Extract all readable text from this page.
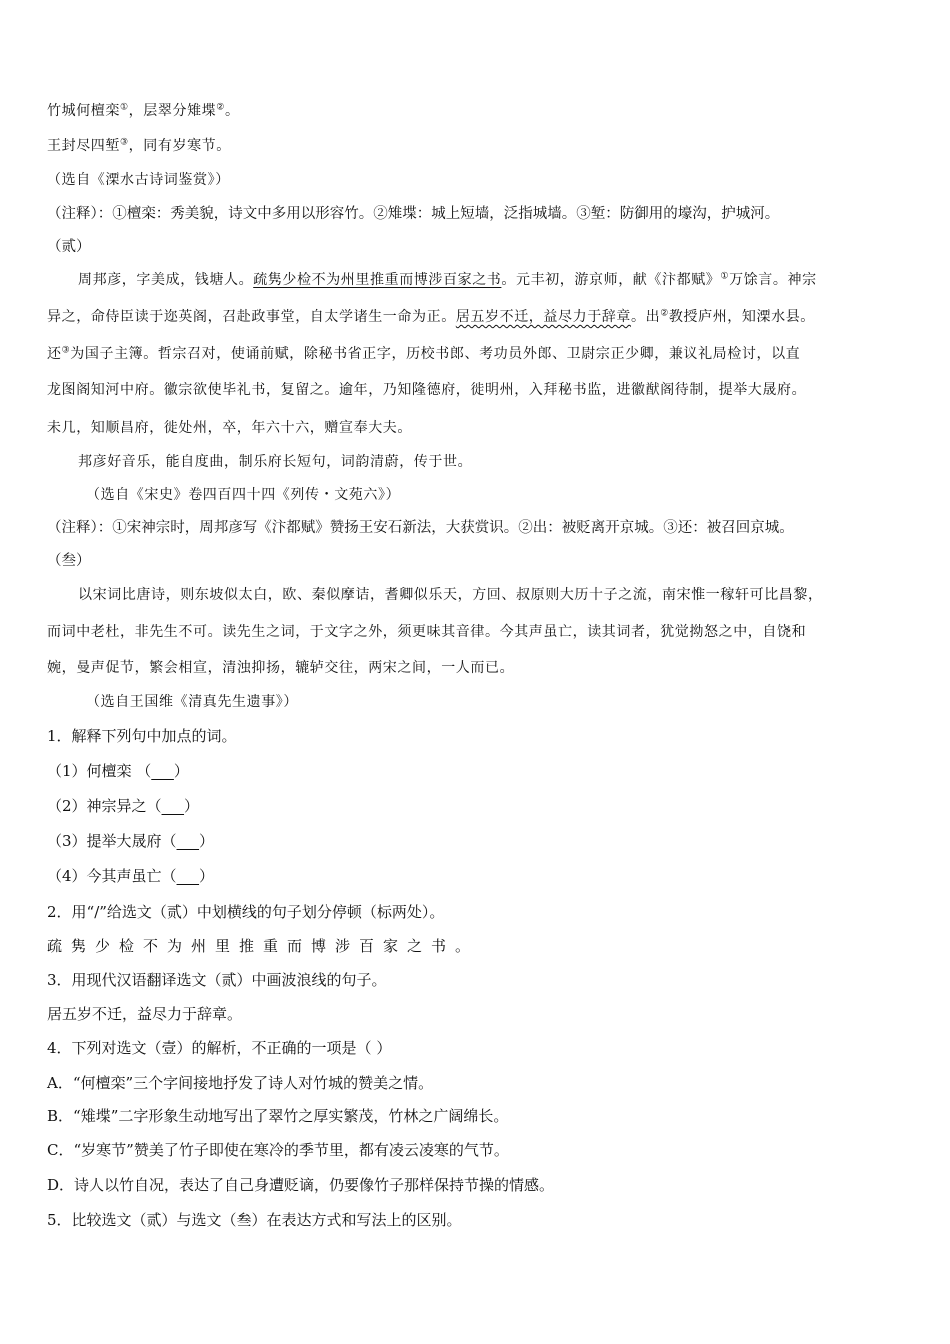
竹城何檀栾①，层翠分雉堞②。
王封尽四堑③，同有岁寒节。
（选自《溧水古诗词鉴赏》）
（注释）：①檀栾：秀美貌，诗文中多用以形容竹。②雉堞：城上短墙，泛指城墙。③堑：防御用的壕沟，护城河。
（贰）
周邦彦，字美成，钱塘人。疏隽少检不为州里推重而博涉百家之书。元丰初，游京师，献《汴都赋》①万馀言。神宗
异之，命侍臣读于迩英阁，召赴政事堂，自太学诸生一命为正。居五岁不迁，益尽力于辞章。出②教授庐州，知溧水县。
还③为国子主簿。哲宗召对，使诵前赋，除秘书省正字，历校书郎、考功员外郎、卫尉宗正少卿，兼议礼局检讨，以直
龙图阁知河中府。徽宗欲使毕礼书，复留之。逾年，乃知隆德府，徙明州，入拜秘书监，进徽猷阁待制，提举大晟府。
未几，知顺昌府，徙处州，卒，年六十六，赠宣奉大夫。
邦彦好音乐，能自度曲，制乐府长短句，词韵清蔚，传于世。
（选自《宋史》卷四百四十四《列传・文苑六》）
（注释）：①宋神宗时，周邦彦写《汴都赋》赞扬王安石新法，大获赏识。②出：被贬离开京城。③还：被召回京城。
（叁）
以宋词比唐诗，则东坡似太白，欧、秦似摩诘，耆卿似乐天，方回、叔原则大历十子之流，南宋惟一稼轩可比昌黎，
而词中老杜，非先生不可。读先生之词，于文字之外，须更味其音律。今其声虽亡，读其词者，犹觉拗怒之中，自饶和
婉，曼声促节，繁会相宣，清浊抑扬，辘轳交往，两宋之间，一人而已。
（选自王国维《清真先生遗事》）
1．解释下列句中加点的词。
（1）何檀栾 （___）
（2）神宗异之（___）
（3）提举大晟府（___）
（4）今其声虽亡（___）
2．用“/”给选文（贰）中划横线的句子划分停顿（标两处）。
疏隽少检不为州里推重而博涉百家之书。
3．用现代汉语翻译选文（贰）中画波浪线的句子。
居五岁不迁，益尽力于辞章。
4．下列对选文（壹）的解析，不正确的一项是（ ）
A．“何檀栾”三个字间接地抒发了诗人对竹城的赞美之情。
B．“雉堞”二字形象生动地写出了翠竹之厚实繁茂，竹林之广阔绵长。
C．“岁寒节”赞美了竹子即使在寒冷的季节里，都有凌云凌寒的气节。
D．诗人以竹自况，表达了自己身遭贬谪，仍要像竹子那样保持节操的情感。
5．比较选文（贰）与选文（叁）在表达方式和写法上的区别。
